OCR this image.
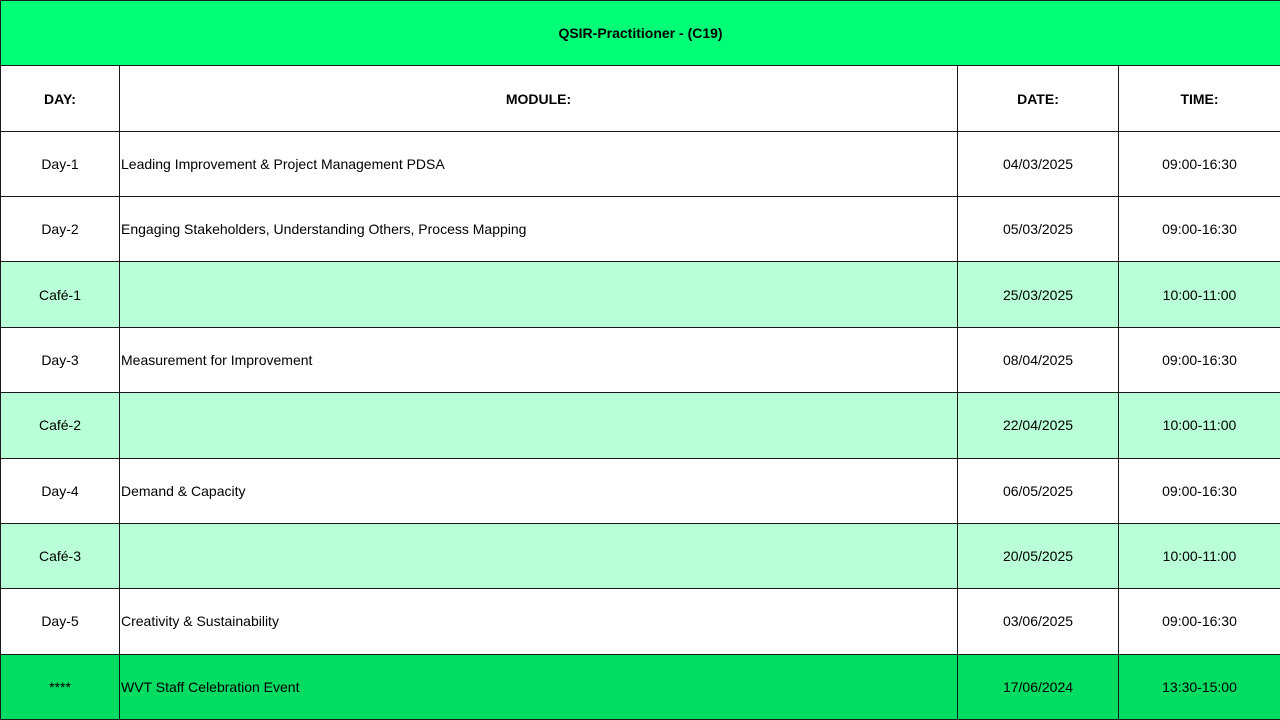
QSIR-Practitioner - (C19)			
DAY:	MODULE:	DATE:	TIME:
Day-1	Leading Improvement & Project Management PDSA	04/03/2025	09:00-16:30
Day-2	Engaging Stakeholders, Understanding Others, Process Mapping	05/03/2025	09:00-16:30
Café-1		25/03/2025	10:00-11:00
Day-3	Measurement for Improvement	08/04/2025	09:00-16:30
Café-2		22/04/2025	10:00-11:00
Day-4	Demand & Capacity	06/05/2025	09:00-16:30
Café-3		20/05/2025	10:00-11:00
Day-5	Creativity & Sustainability	03/06/2025	09:00-16:30
****	WVT Staff Celebration Event	17/06/2024	13:30-15:00
